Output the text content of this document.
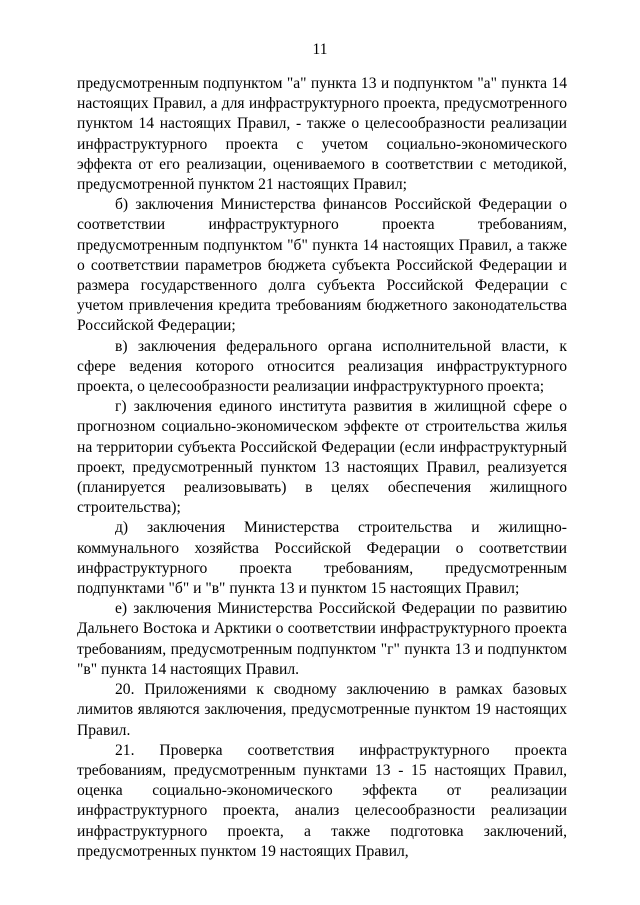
11

предусмотренным подпунктом "а" пункта 13 и подпунктом "а" пункта 14 настоящих Правил, а для инфраструктурного проекта, предусмотренного пунктом 14 настоящих Правил, - также о целесообразности реализации инфраструктурного проекта с учетом социально-экономического эффекта от его реализации, оцениваемого в соответствии с методикой, предусмотренной пунктом 21 настоящих Правил;

б) заключения Министерства финансов Российской Федерации о соответствии инфраструктурного проекта требованиям, предусмотренным подпунктом "б" пункта 14 настоящих Правил, а также о соответствии параметров бюджета субъекта Российской Федерации и размера государственного долга субъекта Российской Федерации с учетом привлечения кредита требованиям бюджетного законодательства Российской Федерации;

в) заключения федерального органа исполнительной власти, к сфере ведения которого относится реализация инфраструктурного проекта, о целесообразности реализации инфраструктурного проекта;

г) заключения единого института развития в жилищной сфере о прогнозном социально-экономическом эффекте от строительства жилья на территории субъекта Российской Федерации (если инфраструктурный проект, предусмотренный пунктом 13 настоящих Правил, реализуется (планируется реализовывать) в целях обеспечения жилищного строительства);

д) заключения Министерства строительства и жилищно-коммунального хозяйства Российской Федерации о соответствии инфраструктурного проекта требованиям, предусмотренным подпунктами "б" и "в" пункта 13 и пунктом 15 настоящих Правил;

е) заключения Министерства Российской Федерации по развитию Дальнего Востока и Арктики о соответствии инфраструктурного проекта требованиям, предусмотренным подпунктом "г" пункта 13 и подпунктом "в" пункта 14 настоящих Правил.

20. Приложениями к сводному заключению в рамках базовых лимитов являются заключения, предусмотренные пунктом 19 настоящих Правил.

21. Проверка соответствия инфраструктурного проекта требованиям, предусмотренным пунктами 13 - 15 настоящих Правил, оценка социально-экономического эффекта от реализации инфраструктурного проекта, анализ целесообразности реализации инфраструктурного проекта, а также подготовка заключений, предусмотренных пунктом 19 настоящих Правил,
